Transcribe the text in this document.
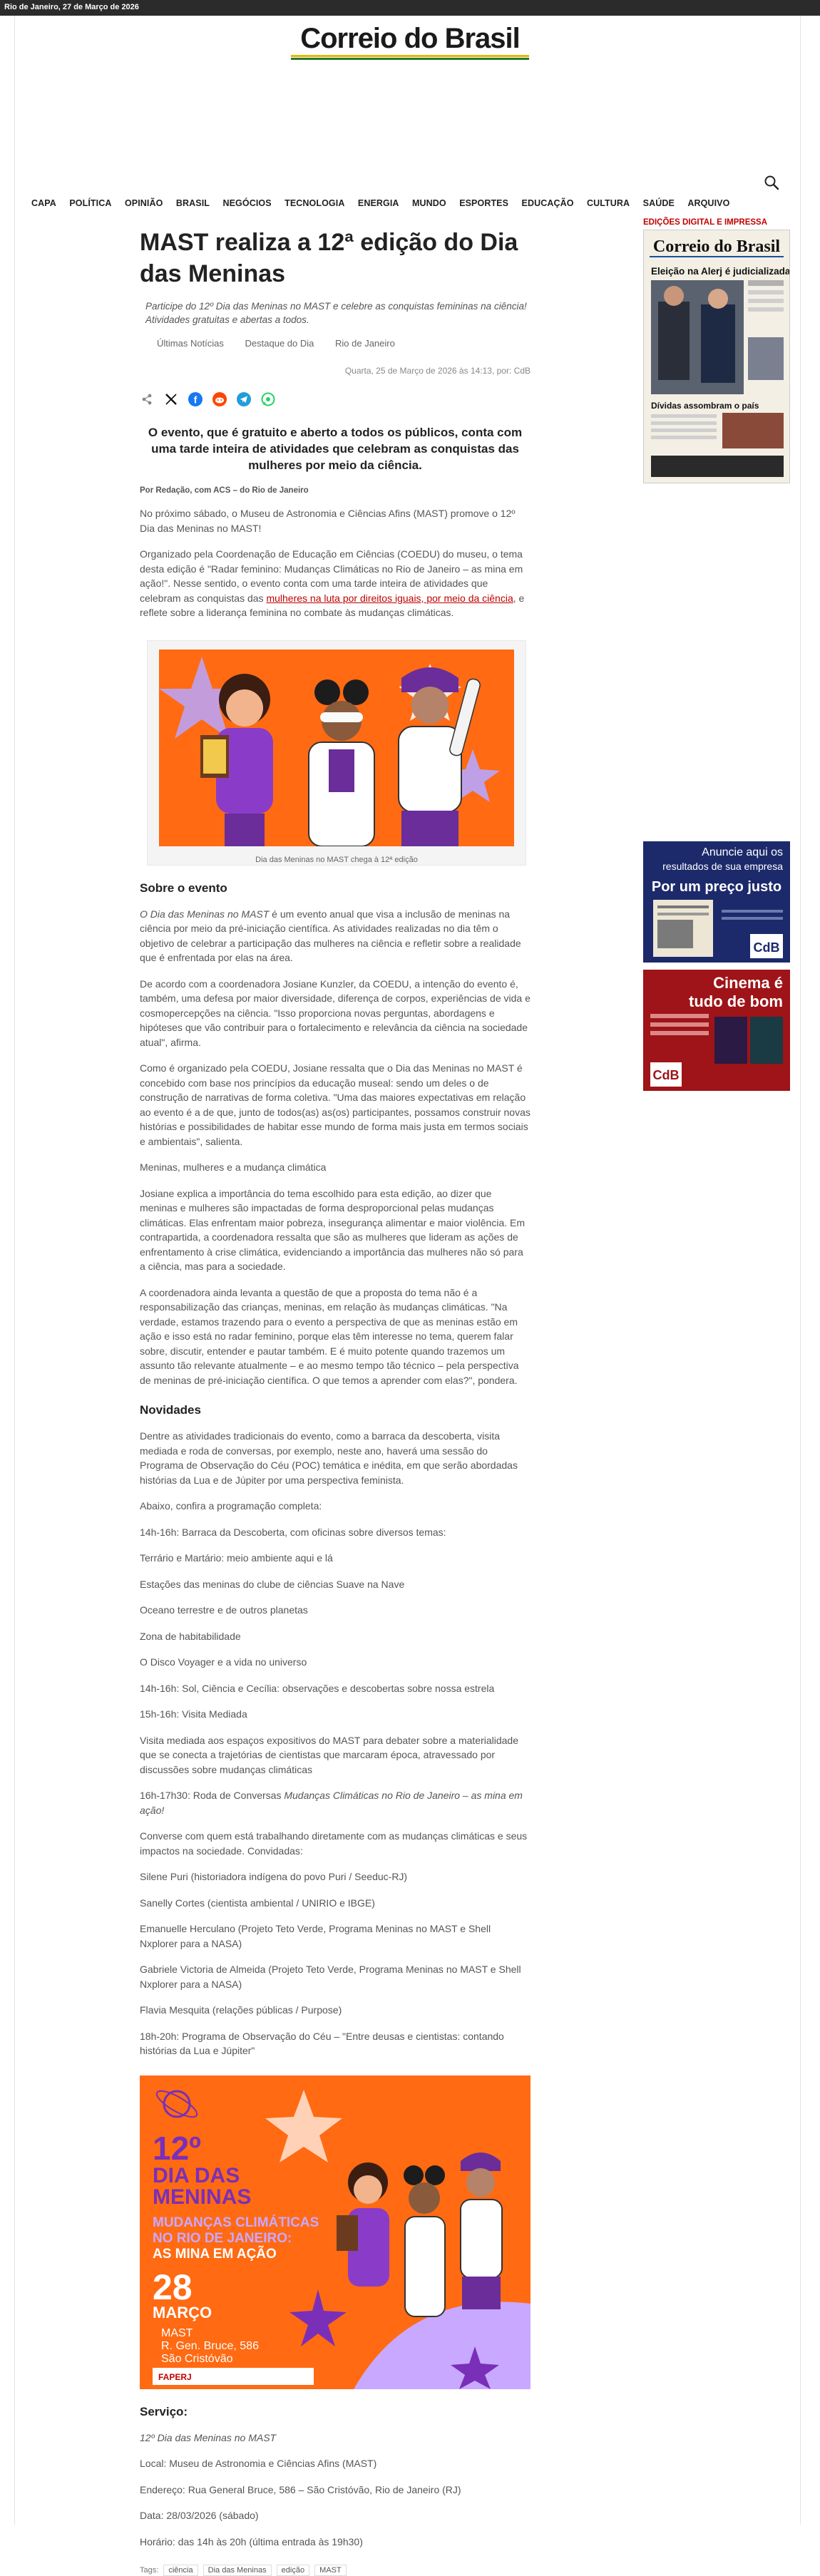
Rio de Janeiro, 27 de Março de 2026
Correio do Brasil
CAPA POLÍTICA OPINIÃO BRASIL NEGÓCIOS TECNOLOGIA ENERGIA MUNDO ESPORTES EDUCAÇÃO CULTURA SAÚDE ARQUIVO
MAST realiza a 12ª edição do Dia das Meninas
Participe do 12º Dia das Meninas no MAST e celebre as conquistas femininas na ciência! Atividades gratuitas e abertas a todos.
Últimas Notícias Destaque do Dia Rio de Janeiro
Quarta, 25 de Março de 2026 às 14:13, por: CdB
f
O evento, que é gratuito e aberto a todos os públicos, conta com uma tarde inteira de atividades que celebram as conquistas das mulheres por meio da ciência.
Por Redação, com ACS – do Rio de Janeiro

No próximo sábado, o Museu de Astronomia e Ciências Afins (MAST) promove o 12º Dia das Meninas no MAST!

Organizado pela Coordenação de Educação em Ciências (COEDU) do museu, o tema desta edição é "Radar feminino: Mudanças Climáticas no Rio de Janeiro – as mina em ação!". Nesse sentido, o evento conta com uma tarde inteira de atividades que celebram as conquistas das mulheres na luta por direitos iguais, por meio da ciência, e reflete sobre a liderança feminina no combate às mudanças climáticas.

Dia das Meninas no MAST chega à 12ª edição
Sobre o evento

O Dia das Meninas no MAST é um evento anual que visa a inclusão de meninas na ciência por meio da pré-iniciação científica. As atividades realizadas no dia têm o objetivo de celebrar a participação das mulheres na ciência e refletir sobre a realidade que é enfrentada por elas na área.

De acordo com a coordenadora Josiane Kunzler, da COEDU, a intenção do evento é, também, uma defesa por maior diversidade, diferença de corpos, experiências de vida e cosmopercepções na ciência. "Isso proporciona novas perguntas, abordagens e hipóteses que vão contribuir para o fortalecimento e relevância da ciência na sociedade atual", afirma.

Como é organizado pela COEDU, Josiane ressalta que o Dia das Meninas no MAST é concebido com base nos princípios da educação museal: sendo um deles o de construção de narrativas de forma coletiva. "Uma das maiores expectativas em relação ao evento é a de que, junto de todos(as) as(os) participantes, possamos construir novas histórias e possibilidades de habitar esse mundo de forma mais justa em termos sociais e ambientais", salienta.

Meninas, mulheres e a mudança climática

Josiane explica a importância do tema escolhido para esta edição, ao dizer que meninas e mulheres são impactadas de forma desproporcional pelas mudanças climáticas. Elas enfrentam maior pobreza, insegurança alimentar e maior violência. Em contrapartida, a coordenadora ressalta que são as mulheres que lideram as ações de enfrentamento à crise climática, evidenciando a importância das mulheres não só para a ciência, mas para a sociedade.

A coordenadora ainda levanta a questão de que a proposta do tema não é a responsabilização das crianças, meninas, em relação às mudanças climáticas. "Na verdade, estamos trazendo para o evento a perspectiva de que as meninas estão em ação e isso está no radar feminino, porque elas têm interesse no tema, querem falar sobre, discutir, entender e pautar também. E é muito potente quando trazemos um assunto tão relevante atualmente – e ao mesmo tempo tão técnico – pela perspectiva de meninas de pré-iniciação científica. O que temos a aprender com elas?", pondera.

Novidades

Dentre as atividades tradicionais do evento, como a barraca da descoberta, visita mediada e roda de conversas, por exemplo, neste ano, haverá uma sessão do Programa de Observação do Céu (POC) temática e inédita, em que serão abordadas histórias da Lua e de Júpiter por uma perspectiva feminista.

Abaixo, confira a programação completa:

14h-16h: Barraca da Descoberta, com oficinas sobre diversos temas:

Terrário e Martário: meio ambiente aqui e lá

Estações das meninas do clube de ciências Suave na Nave

Oceano terrestre e de outros planetas

Zona de habitabilidade

O Disco Voyager e a vida no universo

14h-16h: Sol, Ciência e Cecília: observações e descobertas sobre nossa estrela

15h-16h: Visita Mediada

Visita mediada aos espaços expositivos do MAST para debater sobre a materialidade que se conecta a trajetórias de cientistas que marcaram época, atravessado por discussões sobre mudanças climáticas

16h-17h30: Roda de Conversas Mudanças Climáticas no Rio de Janeiro – as mina em ação!

Converse com quem está trabalhando diretamente com as mudanças climáticas e seus impactos na sociedade. Convidadas:

Silene Puri (historiadora indígena do povo Puri / Seeduc-RJ)

Sanelly Cortes (cientista ambiental / UNIRIO e IBGE)

Emanuelle Herculano (Projeto Teto Verde, Programa Meninas no MAST e Shell Nxplorer para a NASA)

Gabriele Victoria de Almeida (Projeto Teto Verde, Programa Meninas no MAST e Shell Nxplorer para a NASA)

Flavia Mesquita (relações públicas / Purpose)

18h-20h: Programa de Observação do Céu – "Entre deusas e cientistas: contando histórias da Lua e Júpiter"

12º
DIA DAS
MENINAS
MUDANÇAS CLIMÁTICAS
NO RIO DE JANEIRO:
AS MINA EM AÇÃO
28
MARÇO
MAST
R. Gen. Bruce, 586
São Cristóvão
FAPERJ
Serviço:

12º Dia das Meninas no MAST

Local: Museu de Astronomia e Ciências Afins (MAST)

Endereço: Rua General Bruce, 586 – São Cristóvão, Rio de Janeiro (RJ)

Data: 28/03/2026 (sábado)

Horário: das 14h às 20h (última entrada às 19h30)

Tags: ciência Dia das Meninas edição MAST
EDIÇÕES DIGITAL E IMPRESSA
Correio do Brasil
Eleição na Alerj é judicializada
Dívidas assombram o país
Anuncie aqui os
resultados de sua empresa
Por um preço justo
CdB
Cinema é
tudo de bom
CdB
